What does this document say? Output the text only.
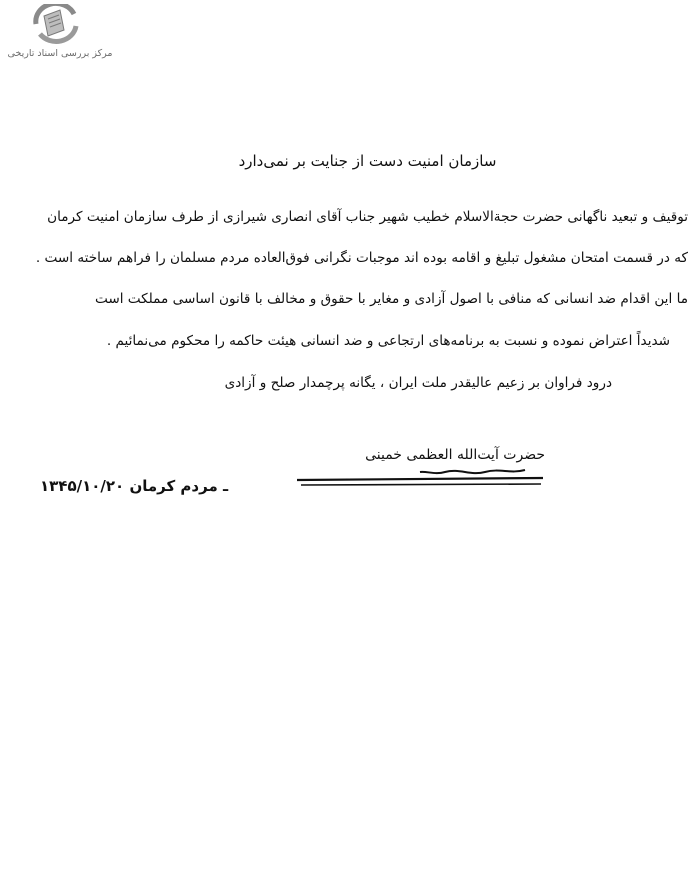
مرکز بررسی اسناد تاریخی
سازمان امنیت دست از جنایت بر نمی‌دارد
توقیف و تبعید ناگهانی حضرت حجة‌الاسلام خطیب شهیر جناب آقای انصاری شیرازی از طرف سازمان امنیت کرمان
که در قسمت امتحان مشغول تبلیغ و اقامه بوده اند موجبات نگرانی فوق‌العاده مردم مسلمان را فراهم ساخته است .
ما این اقدام ضد انسانی که منافی با اصول آزادی و مغایر با حقوق و مخالف با قانون اساسی مملکت است
شدیداً اعتراض نموده و نسبت به برنامه‌های ارتجاعی و ضد انسانی هیئت حاکمه را محکوم می‌نمائیم .
درود فراوان بر زعیم عالیقدر ملت ایران ، یگانه پرچمدار صلح و آزادی
حضرت آیت‌الله العظمی خمینی
ـ مردم کرمان ۱۳۴۵/۱۰/۲۰
